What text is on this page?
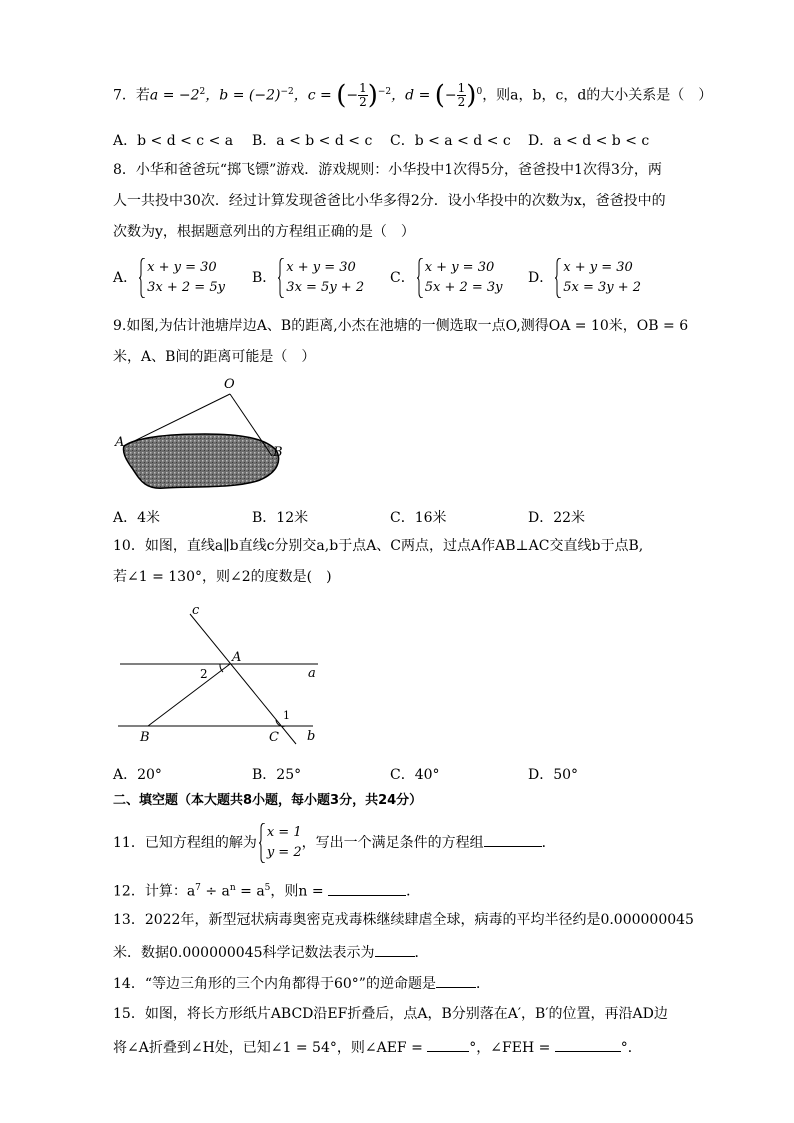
7．若$a = -2^2$，$b = (-2)^{-2}$，c = (− $\frac{1}{2} )^{-2}$，d = (− $\frac{1}{2} )^0$，则a，b，c，d的大小关系是（　）
A．b < d < c < a B．a < b < d < c C．b < a < d < c D．a < d < b < c
8．小华和爸爸玩“掷飞镖”游戏．游戏规则：小华投中1次得5分，爸爸投中1次得3分，两
人一共投中30次．经过计算发现爸爸比小华多得2分．设小华投中的次数为x，爸爸投中的
次数为y，根据题意列出的方程组正确的是（　）
A．
x + y = 30
3x + 2 = 5y
B．
x + y = 30
3x = 5y + 2
C．
x + y = 30
5x + 2 = 3y
D．
x + y = 30
5x = 3y + 2
9.如图,为估计池塘岸边A、B的距离,小杰在池塘的一侧选取一点O,测得OA = 10米，OB = 6
米，A、B间的距离可能是（　）
O
A
B
A．4米	B．12米	C．16米	D．22米
10．如图，直线a∥b直线c分别交a,b于点A、C两点，过点A作AB⊥AC交直线b于点B,
若∠1 = 130°，则∠2的度数是(　)
c
A
a
2
1
B	C b
A．20°	B．25°	C．40°	D．50°
二、填空题（本大题共8小题，每小题3分，共24分）
11．已知方程组的解为
x = 1
y = 2
，写出一个满足条件的方程组	．
12．计算：$a^7 \div a^n = a^5$，则n =	．
13．2022年，新型冠状病毒奥密克戎毒株继续肆虐全球，病毒的平均半径约是0.000000045
米．数据0.000000045科学记数法表示为	．
14．“等边三角形的三个内角都得于60°”的逆命题是	．
15．如图，将长方形纸片ABCD沿EF折叠后，点A，B分别落在A′，B′的位置，再沿AD边
将∠A折叠到∠H处，已知∠1 = 54°，则∠AEF =	°，∠FEH =	°．
